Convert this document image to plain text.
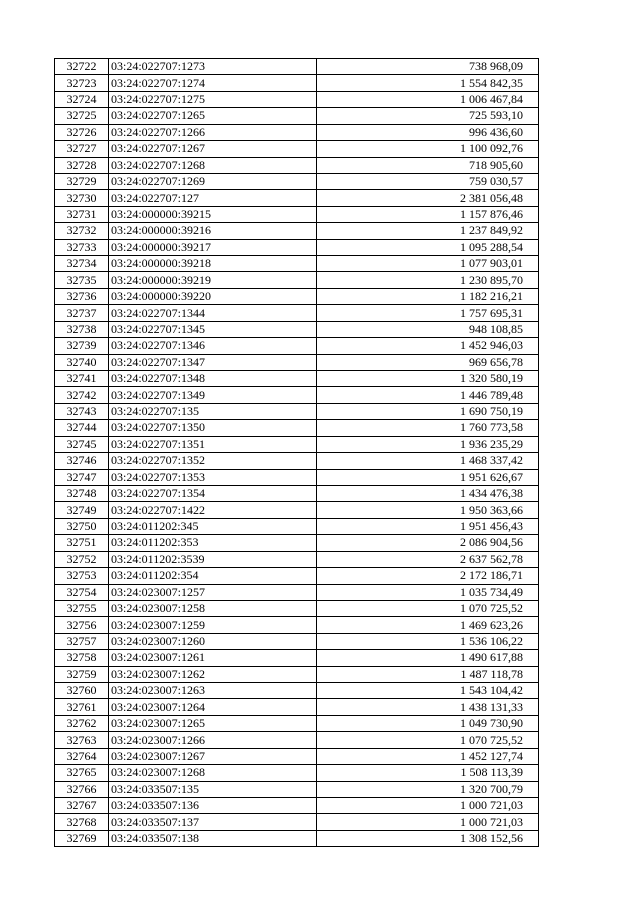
32722	03:24:022707:1273	738 968,09
32723	03:24:022707:1274	1 554 842,35
32724	03:24:022707:1275	1 006 467,84
32725	03:24:022707:1265	725 593,10
32726	03:24:022707:1266	996 436,60
32727	03:24:022707:1267	1 100 092,76
32728	03:24:022707:1268	718 905,60
32729	03:24:022707:1269	759 030,57
32730	03:24:022707:127	2 381 056,48
32731	03:24:000000:39215	1 157 876,46
32732	03:24:000000:39216	1 237 849,92
32733	03:24:000000:39217	1 095 288,54
32734	03:24:000000:39218	1 077 903,01
32735	03:24:000000:39219	1 230 895,70
32736	03:24:000000:39220	1 182 216,21
32737	03:24:022707:1344	1 757 695,31
32738	03:24:022707:1345	948 108,85
32739	03:24:022707:1346	1 452 946,03
32740	03:24:022707:1347	969 656,78
32741	03:24:022707:1348	1 320 580,19
32742	03:24:022707:1349	1 446 789,48
32743	03:24:022707:135	1 690 750,19
32744	03:24:022707:1350	1 760 773,58
32745	03:24:022707:1351	1 936 235,29
32746	03:24:022707:1352	1 468 337,42
32747	03:24:022707:1353	1 951 626,67
32748	03:24:022707:1354	1 434 476,38
32749	03:24:022707:1422	1 950 363,66
32750	03:24:011202:345	1 951 456,43
32751	03:24:011202:353	2 086 904,56
32752	03:24:011202:3539	2 637 562,78
32753	03:24:011202:354	2 172 186,71
32754	03:24:023007:1257	1 035 734,49
32755	03:24:023007:1258	1 070 725,52
32756	03:24:023007:1259	1 469 623,26
32757	03:24:023007:1260	1 536 106,22
32758	03:24:023007:1261	1 490 617,88
32759	03:24:023007:1262	1 487 118,78
32760	03:24:023007:1263	1 543 104,42
32761	03:24:023007:1264	1 438 131,33
32762	03:24:023007:1265	1 049 730,90
32763	03:24:023007:1266	1 070 725,52
32764	03:24:023007:1267	1 452 127,74
32765	03:24:023007:1268	1 508 113,39
32766	03:24:033507:135	1 320 700,79
32767	03:24:033507:136	1 000 721,03
32768	03:24:033507:137	1 000 721,03
32769	03:24:033507:138	1 308 152,56
